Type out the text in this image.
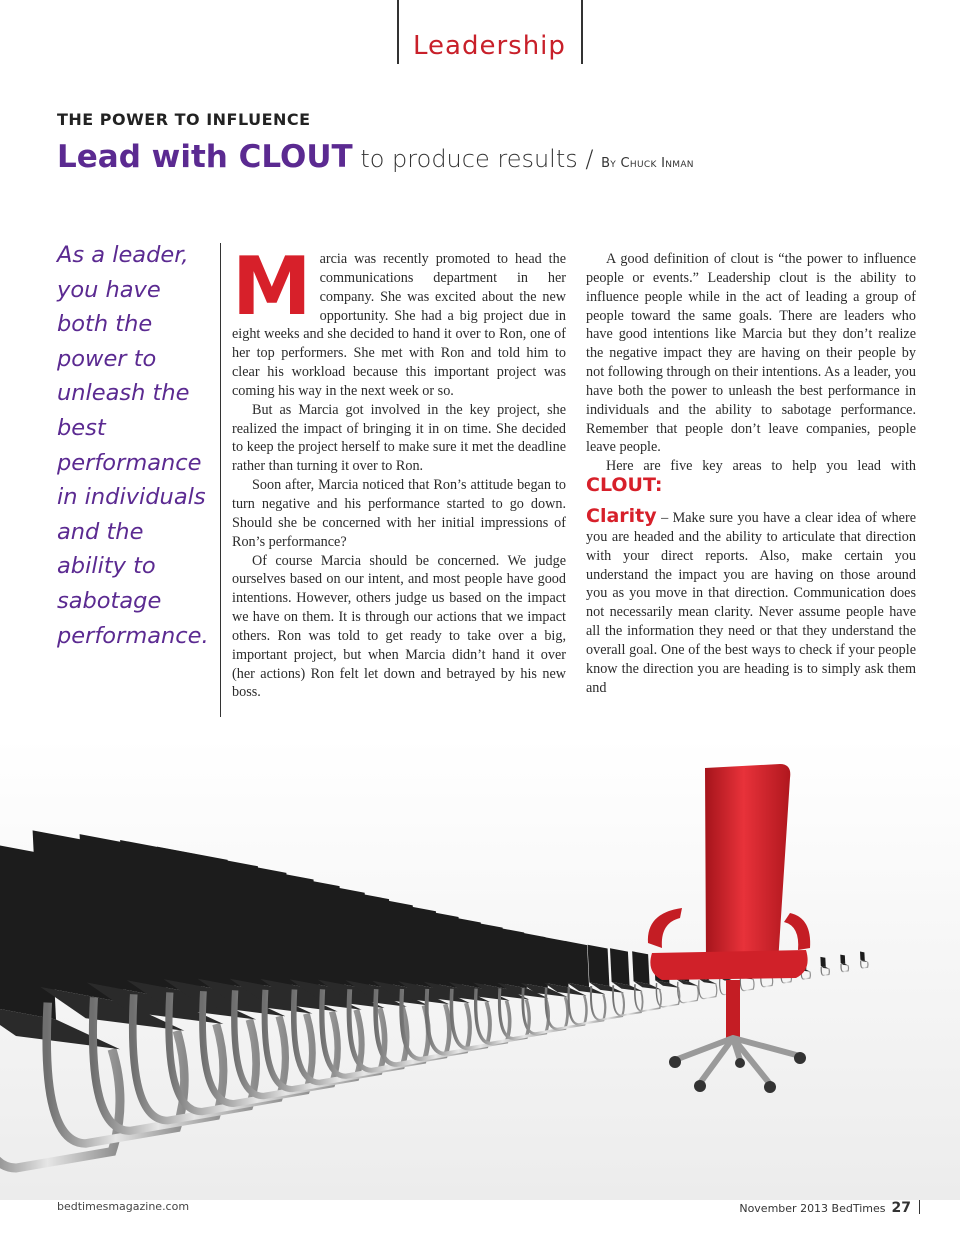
Leadership
THE POWER TO INFLUENCE
Lead with CLOUT to produce results / By Chuck Inman
As a leader, you have both the power to unleash the best performance in individuals and the ability to sabotage performance.

Marcia was recently promoted to head the communications department in her company. She was excited about the new opportunity. She had a big project due in eight weeks and she decided to hand it over to Ron, one of her top performers. She met with Ron and told him to clear his workload because this important project was coming his way in the next week or so.

But as Marcia got involved in the key project, she realized the impact of bringing it in on time. She decided to keep the project herself to make sure it met the deadline rather than turning it over to Ron.

Soon after, Marcia noticed that Ron’s attitude began to turn negative and his performance started to go down. Should she be concerned with her initial impressions of Ron’s performance?

Of course Marcia should be concerned. We judge ourselves based on our intent, and most people have good intentions. However, others judge us based on the impact we have on them. It is through our actions that we impact others. Ron was told to get ready to take over a big, important project, but when Marcia didn’t hand it over (her actions) Ron felt let down and betrayed by his new boss.

A good definition of clout is “the power to influence people or events.” Leadership clout is the ability to influence people while in the act of leading a group of people toward the same goals. There are leaders who have good intentions like Marcia but they don’t realize the negative impact they are having on their people by not following through on their intentions. As a leader, you have both the power to unleash the best performance in individuals and the ability to sabotage performance. Remember that people don’t leave companies, people leave people.

Here are five key areas to help you lead with CLOUT:

Clarity – Make sure you have a clear idea of where you are headed and the ability to articulate that direction with your direct reports. Also, make certain you understand the impact you are having on those around you as you move in that direction. Communication does not necessarily mean clarity. Never assume people have all the information they need or that they understand the overall goal. One of the best ways to check if your people know the direction you are heading is to simply ask them and

bedtimesmagazine.com	November 2013 BedTimes 27
